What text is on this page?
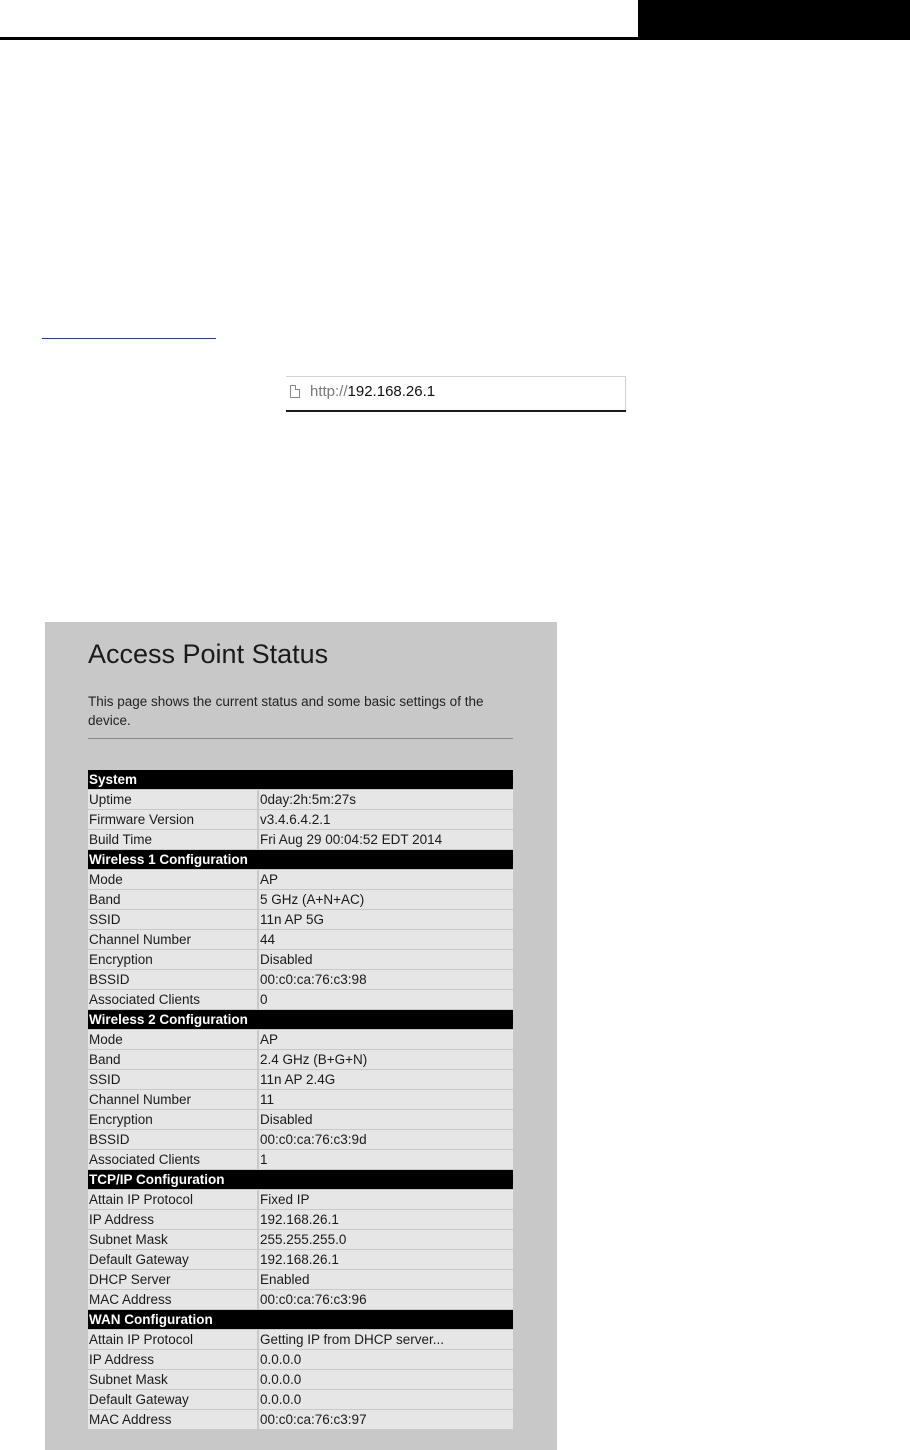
http://192.168.26.1
Access Point Status
This page shows the current status and some basic settings of the device.
System	
Uptime	0day:2h:5m:27s
Firmware Version	v3.4.6.4.2.1
Build Time	Fri Aug 29 00:04:52 EDT 2014
Wireless 1 Configuration	
Mode	AP
Band	5 GHz (A+N+AC)
SSID	11n AP 5G
Channel Number	44
Encryption	Disabled
BSSID	00:c0:ca:76:c3:98
Associated Clients	0
Wireless 2 Configuration	
Mode	AP
Band	2.4 GHz (B+G+N)
SSID	11n AP 2.4G
Channel Number	11
Encryption	Disabled
BSSID	00:c0:ca:76:c3:9d
Associated Clients	1
TCP/IP Configuration	
Attain IP Protocol	Fixed IP
IP Address	192.168.26.1
Subnet Mask	255.255.255.0
Default Gateway	192.168.26.1
DHCP Server	Enabled
MAC Address	00:c0:ca:76:c3:96
WAN Configuration	
Attain IP Protocol	Getting IP from DHCP server...
IP Address	0.0.0.0
Subnet Mask	0.0.0.0
Default Gateway	0.0.0.0
MAC Address	00:c0:ca:76:c3:97
